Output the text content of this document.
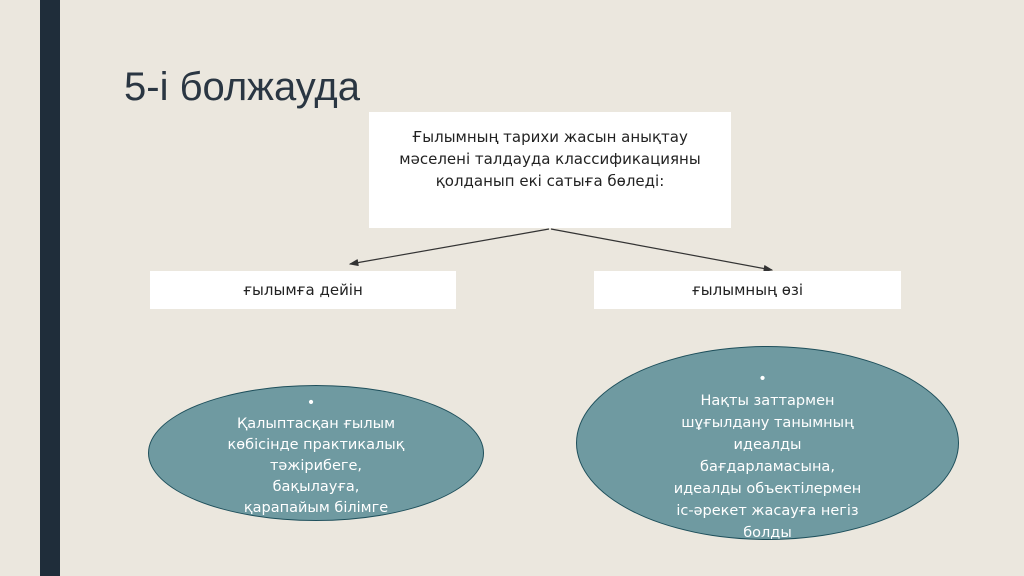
5-і болжауда
Ғылымның тарихи жасын анықтау
мәселені талдауда классификацияны
қолданып екі сатыға бөледі:
ғылымға дейін	ғылымның өзі
•
Қалыптасқан ғылым
көбісінде практикалық
тәжірибеге,
бақылауға,
қарапайым білімге
•
Нақты заттармен
шұғылдану танымның
идеалды
бағдарламасына,
идеалды объектілермен
іс-әрекет жасауға негіз
болды
